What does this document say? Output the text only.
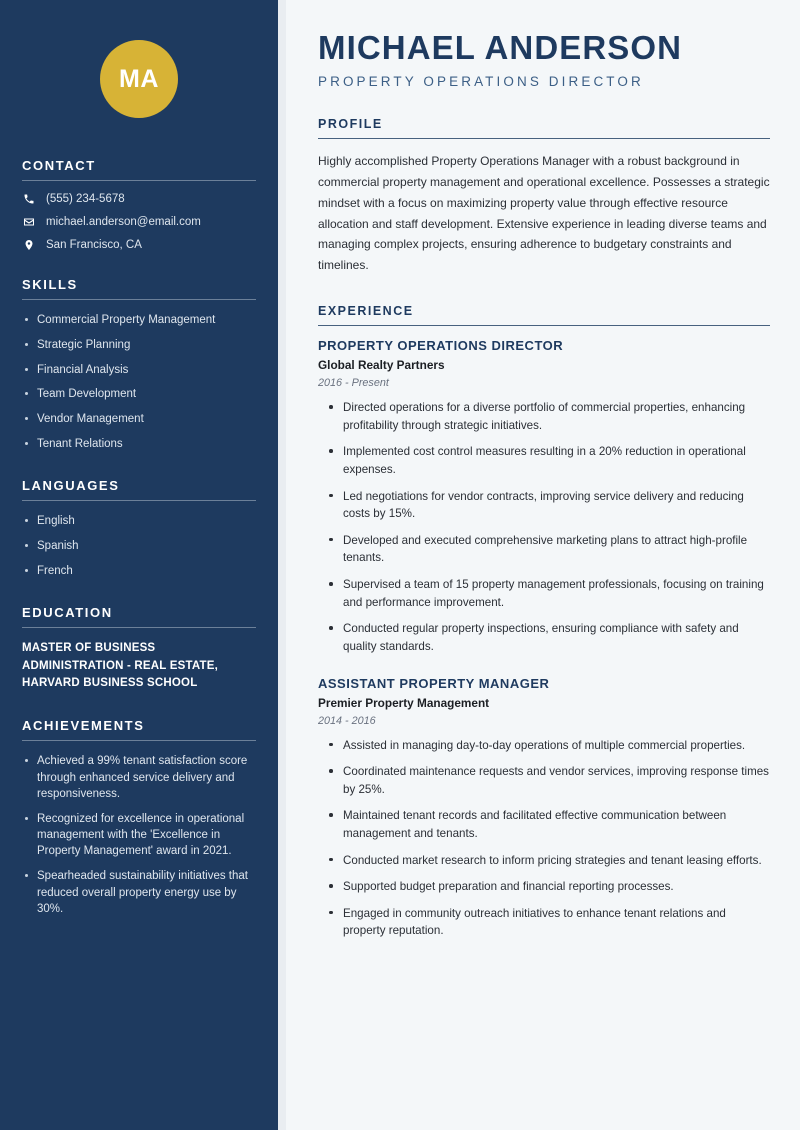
MA
CONTACT
(555) 234-5678
michael.anderson@email.com
San Francisco, CA
SKILLS
Commercial Property Management
Strategic Planning
Financial Analysis
Team Development
Vendor Management
Tenant Relations
LANGUAGES
English
Spanish
French
EDUCATION
MASTER OF BUSINESS ADMINISTRATION - REAL ESTATE, HARVARD BUSINESS SCHOOL
ACHIEVEMENTS
Achieved a 99% tenant satisfaction score through enhanced service delivery and responsiveness.
Recognized for excellence in operational management with the 'Excellence in Property Management' award in 2021.
Spearheaded sustainability initiatives that reduced overall property energy use by 30%.
MICHAEL ANDERSON
PROPERTY OPERATIONS DIRECTOR
PROFILE

Highly accomplished Property Operations Manager with a robust background in commercial property management and operational excellence. Possesses a strategic mindset with a focus on maximizing property value through effective resource allocation and staff development. Extensive experience in leading diverse teams and managing complex projects, ensuring adherence to budgetary constraints and timelines.

EXPERIENCE
PROPERTY OPERATIONS DIRECTOR
Global Realty Partners
2016 - Present
Directed operations for a diverse portfolio of commercial properties, enhancing profitability through strategic initiatives.
Implemented cost control measures resulting in a 20% reduction in operational expenses.
Led negotiations for vendor contracts, improving service delivery and reducing costs by 15%.
Developed and executed comprehensive marketing plans to attract high-profile tenants.
Supervised a team of 15 property management professionals, focusing on training and performance improvement.
Conducted regular property inspections, ensuring compliance with safety and quality standards.
ASSISTANT PROPERTY MANAGER
Premier Property Management
2014 - 2016
Assisted in managing day-to-day operations of multiple commercial properties.
Coordinated maintenance requests and vendor services, improving response times by 25%.
Maintained tenant records and facilitated effective communication between management and tenants.
Conducted market research to inform pricing strategies and tenant leasing efforts.
Supported budget preparation and financial reporting processes.
Engaged in community outreach initiatives to enhance tenant relations and property reputation.
